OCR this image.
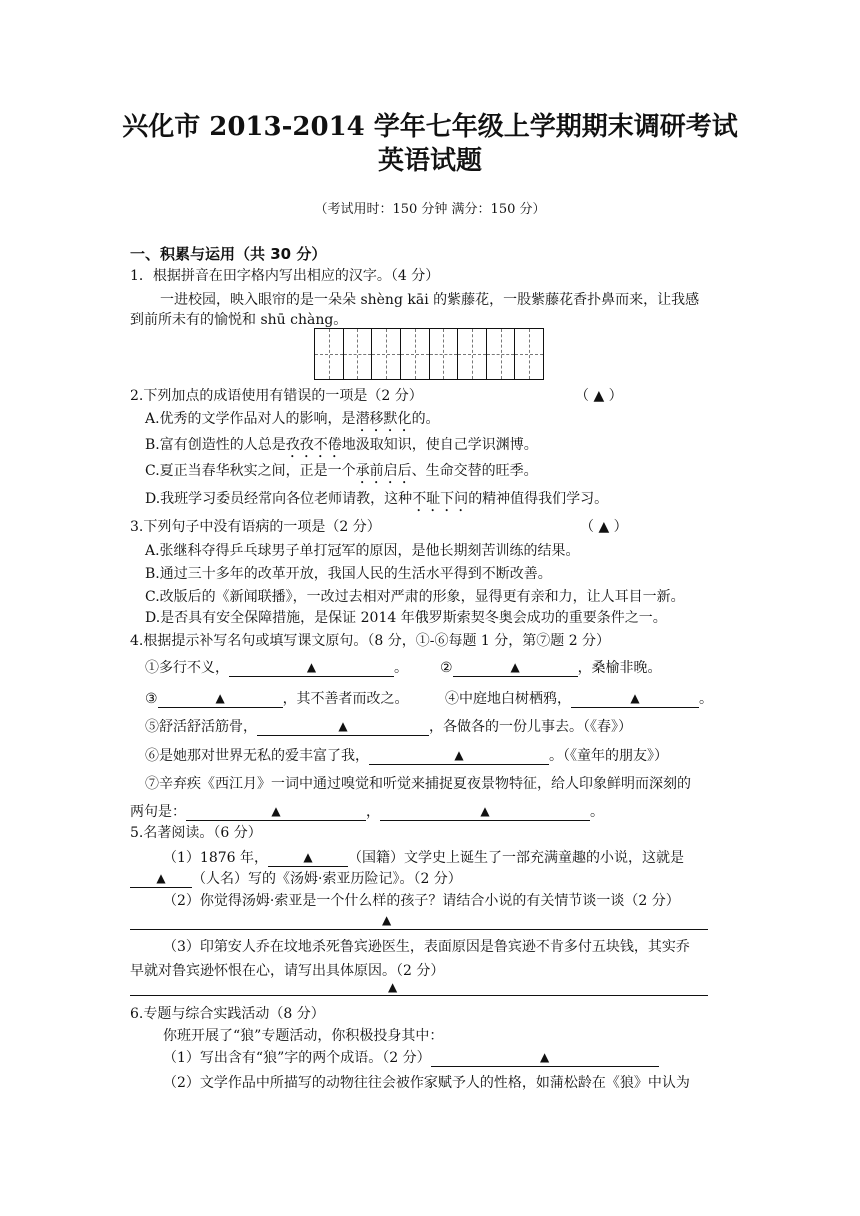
兴化市 2013-2014 学年七年级上学期期末调研考试
英语试题
（考试用时：150 分钟 满分：150 分）
一、积累与运用（共 30 分）
1．根据拼音在田字格内写出相应的汉字。（4 分）
一进校园，映入眼帘的是一朵朵 shèng kāi 的紫藤花，一股紫藤花香扑鼻而来，让我感
到前所未有的愉悦和 shū chàng。
2.下列加点的成语使用有错误的一项是（2 分）	（ ▲ ）
A.优秀的文学作品对人的影响，是潜移默化的。
B.富有创造性的人总是孜孜不倦地汲取知识，使自己学识渊博。
C.夏正当春华秋实之间，正是一个承前启后、生命交替的旺季。
D.我班学习委员经常向各位老师请教，这种不耻下问的精神值得我们学习。
3.下列句子中没有语病的一项是（2 分）	（ ▲ ）
A.张继科夺得乒乓球男子单打冠军的原因，是他长期刻苦训练的结果。
B.通过三十多年的改革开放，我国人民的生活水平得到不断改善。
C.改版后的《新闻联播》，一改过去相对严肃的形象，显得更有亲和力，让人耳目一新。
D.是否具有安全保障措施，是保证 2014 年俄罗斯索契冬奥会成功的重要条件之一。
4.根据提示补写名句或填写课文原句。（8 分，①-⑥每题 1 分，第⑦题 2 分）
①多行不义，	▲	。 ②	▲	，桑榆非晚。
③	▲	，其不善者而改之。	④中庭地白树栖鸦，	▲	。
⑤舒活舒活筋骨，	▲	，各做各的一份儿事去。（《春》）
⑥是她那对世界无私的爱丰富了我，	▲	。（《童年的朋友》）
⑦辛弃疾《西江月》一词中通过嗅觉和听觉来捕捉夏夜景物特征，给人印象鲜明而深刻的
两句是：	▲	，	▲	。
5.名著阅读。（6 分）
（1）1876 年，	▲	（国籍）文学史上诞生了一部充满童趣的小说，这就是
▲ （人名）写的《汤姆·索亚历险记》。（2 分）
（2）你觉得汤姆·索亚是一个什么样的孩子？请结合小说的有关情节谈一谈（2 分）
▲
（3）印第安人乔在坟地杀死鲁宾逊医生，表面原因是鲁宾逊不肯多付五块钱，其实乔
早就对鲁宾逊怀恨在心，请写出具体原因。（2 分）
▲
6.专题与综合实践活动（8 分）
你班开展了“狼”专题活动，你积极投身其中：
（1）写出含有“狼”字的两个成语。（2 分）	▲
（2）文学作品中所描写的动物往往会被作家赋予人的性格，如蒲松龄在《狼》中认为
